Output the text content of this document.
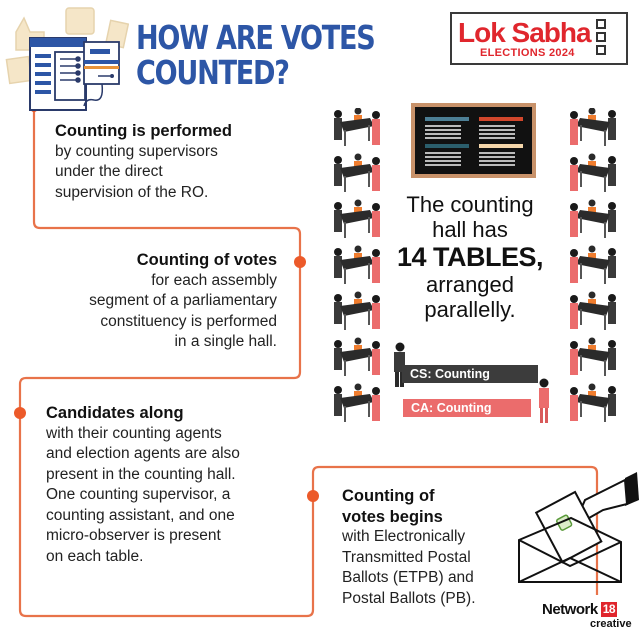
HOW ARE VOTES
COUNTED?
Lok Sabha
ELECTIONS 2024
Counting is performed
by counting supervisors
under the direct
supervision of the RO.
Counting of votes
for each assembly
segment of a parliamentary
constituency is performed
in a single hall.
Candidates along
with their counting agents
and election agents are also
present in the counting hall.
One counting supervisor, a
counting assistant, and one
micro-observer is present
on each table.
Counting of
votes begins
with Electronically
Transmitted Postal
Ballots (ETPB) and
Postal Ballots (PB).
The counting
hall has
14 TABLES,
arranged
parallelly.
CS: Counting Supervisor
CA: Counting Assistant
Network 18
creative
